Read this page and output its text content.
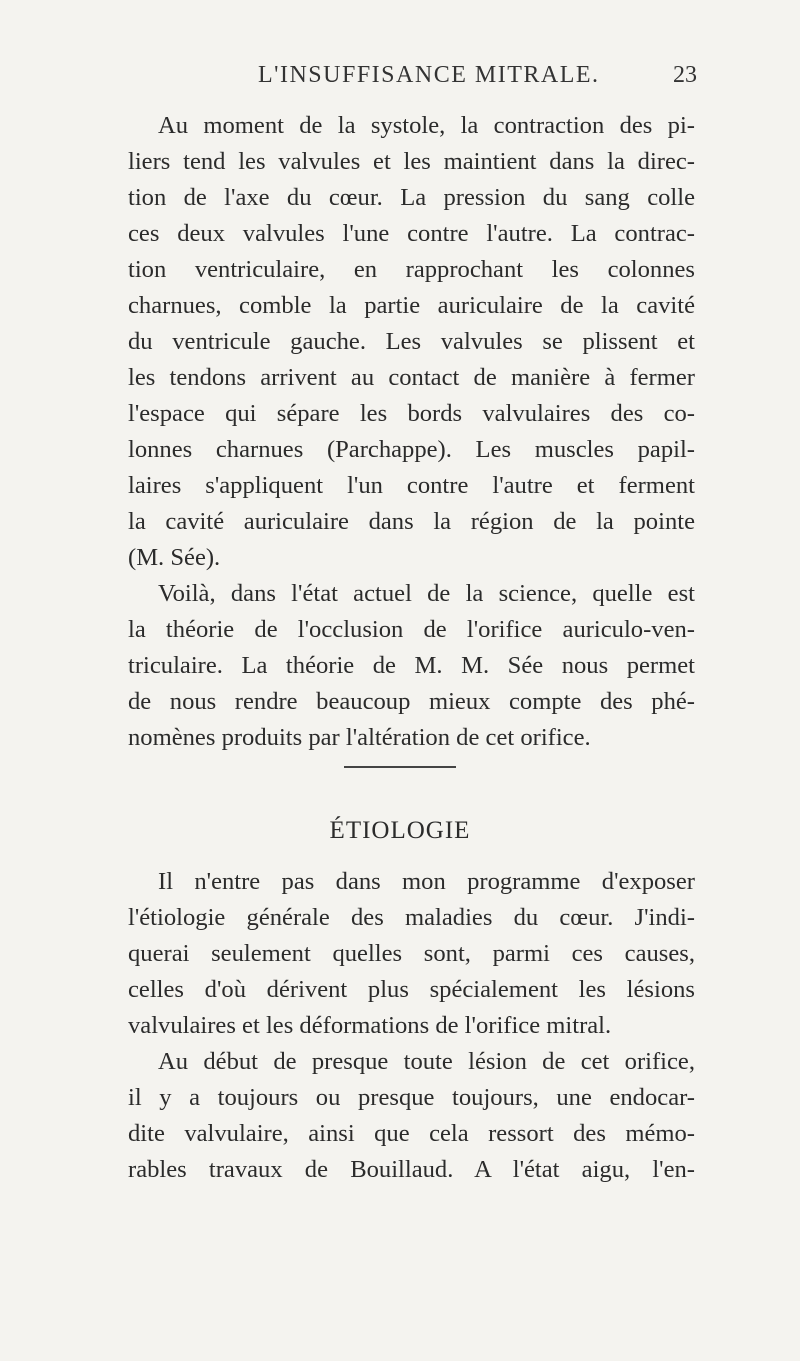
L'INSUFFISANCE MITRALE.	23
Au moment de la systole, la contraction des pi-
liers tend les valvules et les maintient dans la direc-
tion de l'axe du cœur. La pression du sang colle
ces deux valvules l'une contre l'autre. La contrac-
tion ventriculaire, en rapprochant les colonnes
charnues, comble la partie auriculaire de la cavité
du ventricule gauche. Les valvules se plissent et
les tendons arrivent au contact de manière à fermer
l'espace qui sépare les bords valvulaires des co-
lonnes charnues (Parchappe). Les muscles papil-
laires s'appliquent l'un contre l'autre et ferment
la cavité auriculaire dans la région de la pointe
(M. Sée).
Voilà, dans l'état actuel de la science, quelle est
la théorie de l'occlusion de l'orifice auriculo-ven-
triculaire. La théorie de M. M. Sée nous permet
de nous rendre beaucoup mieux compte des phé-
nomènes produits par l'altération de cet orifice.
ÉTIOLOGIE
Il n'entre pas dans mon programme d'exposer
l'étiologie générale des maladies du cœur. J'indi-
querai seulement quelles sont, parmi ces causes,
celles d'où dérivent plus spécialement les lésions
valvulaires et les déformations de l'orifice mitral.
Au début de presque toute lésion de cet orifice,
il y a toujours ou presque toujours, une endocar-
dite valvulaire, ainsi que cela ressort des mémo-
rables travaux de Bouillaud. A l'état aigu, l'en-
